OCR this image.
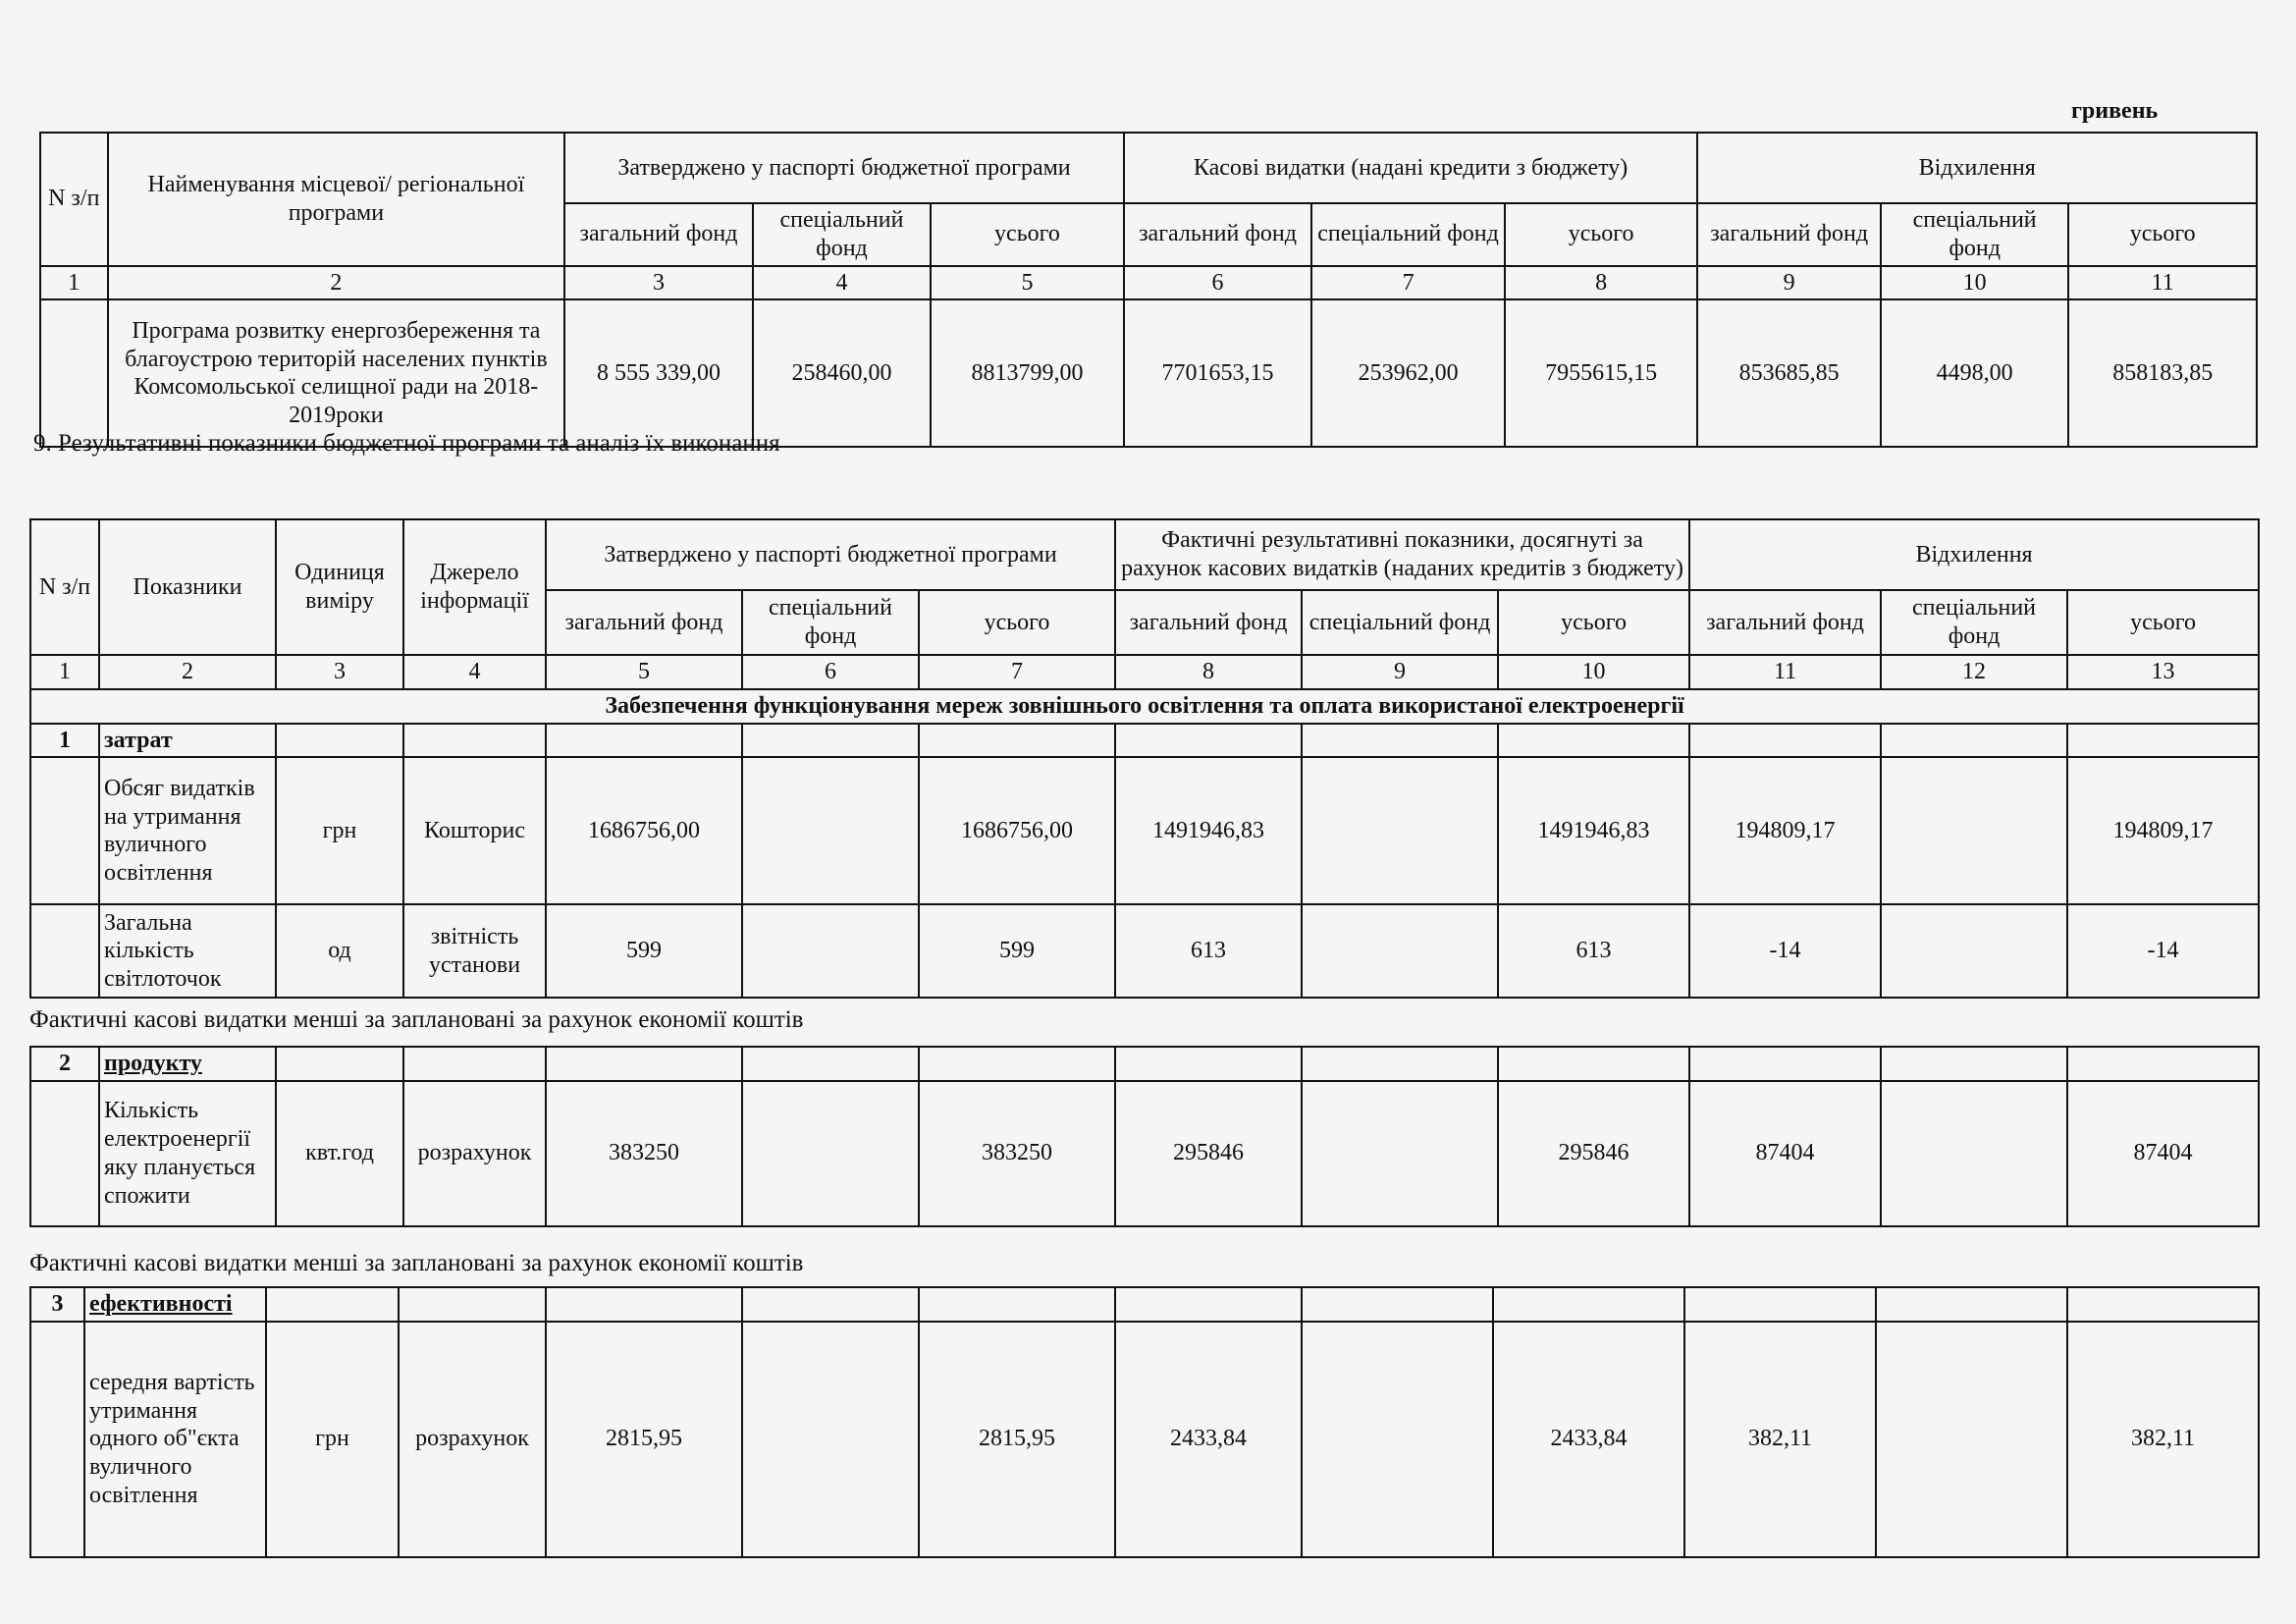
гривень
N з/п	Найменування місцевої/ регіональної програми	Затверджено у паспорті бюджетної програми			Касові видатки (надані кредити з бюджету)			Відхилення		
		загальний фонд	спеціальний фонд	усього	загальний фонд	спеціальний фонд	усього	загальний фонд	спеціальний фонд	усього
1	2	3	4	5	6	7	8	9	10	11
	Програма розвитку енергозбереження та благоустрою територій населених пунктів Комсомольської селищної ради на 2018-2019роки	8 555 339,00	258460,00	8813799,00	7701653,15	253962,00	7955615,15	853685,85	4498,00	858183,85
9. Результативні показники бюджетної програми та аналіз їх виконання
N з/п	Показники	Одиниця виміру	Джерело інформації	Затверджено у паспорті бюджетної програми			Фактичні результативні показники, досягнуті за рахунок касових видатків (наданих кредитів з бюджету)			Відхилення		
				загальний фонд	спеціальний фонд	усього	загальний фонд	спеціальний фонд	усього	загальний фонд	спеціальний фонд	усього
1	2	3	4	5	6	7	8	9	10	11	12	13
Забезпечення функціонування мереж зовнішнього освітлення та оплата використаної електроенергії												
1	затрат											
	Обсяг видатків на утримання вуличного освітлення	грн	Кошторис	1686756,00		1686756,00	1491946,83		1491946,83	194809,17		194809,17
	Загальна кількість світлоточок	од	звітність установи	599		599	613		613	-14		-14
Фактичні касові видатки менші за заплановані за рахунок економії коштів
2	продукту											
	Кількість електроенергії яку планується спожити	квт.год	розрахунок	383250		383250	295846		295846	87404		87404
Фактичні касові видатки менші за заплановані за рахунок економії коштів
3	ефективності											
	середня вартість утримання одного об"єкта вуличного освітлення	грн	розрахунок	2815,95		2815,95	2433,84		2433,84	382,11		382,11
